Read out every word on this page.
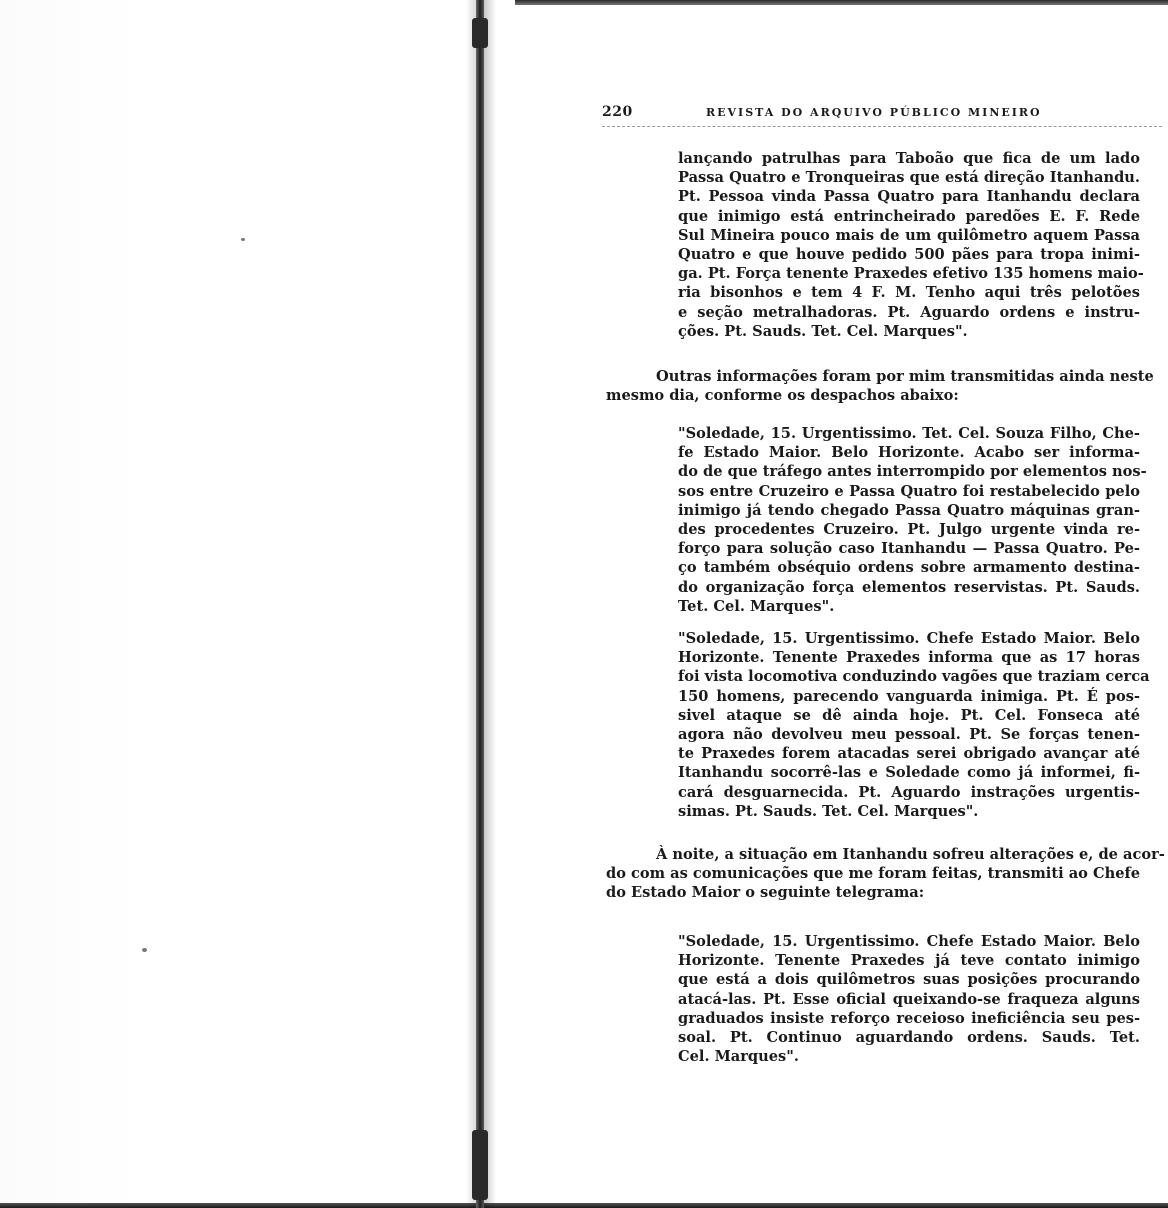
220	REVISTA DO ARQUIVO PÚBLICO MINEIRO
lançando patrulhas para Taboão que fica de um lado
Passa Quatro e Tronqueiras que está direção Itanhandu.
Pt. Pessoa vinda Passa Quatro para Itanhandu declara
que inimigo está entrincheirado paredões E. F. Rede
Sul Mineira pouco mais de um quilômetro aquem Passa
Quatro e que houve pedido 500 pães para tropa inimi-
ga. Pt. Força tenente Praxedes efetivo 135 homens maio-
ria bisonhos e tem 4 F. M. Tenho aqui três pelotões
e seção metralhadoras. Pt. Aguardo ordens e instru-
ções. Pt. Sauds. Tet. Cel. Marques".
Outras informações foram por mim transmitidas ainda neste
mesmo dia, conforme os despachos abaixo:
"Soledade, 15. Urgentissimo. Tet. Cel. Souza Filho, Che-
fe Estado Maior. Belo Horizonte. Acabo ser informa-
do de que tráfego antes interrompido por elementos nos-
sos entre Cruzeiro e Passa Quatro foi restabelecido pelo
inimigo já tendo chegado Passa Quatro máquinas gran-
des procedentes Cruzeiro. Pt. Julgo urgente vinda re-
forço para solução caso Itanhandu — Passa Quatro. Pe-
ço também obséquio ordens sobre armamento destina-
do organização força elementos reservistas. Pt. Sauds.
Tet. Cel. Marques".
"Soledade, 15. Urgentissimo. Chefe Estado Maior. Belo
Horizonte. Tenente Praxedes informa que as 17 horas
foi vista locomotiva conduzindo vagões que traziam cerca
150 homens, parecendo vanguarda inimiga. Pt. É pos-
sivel ataque se dê ainda hoje. Pt. Cel. Fonseca até
agora não devolveu meu pessoal. Pt. Se forças tenen-
te Praxedes forem atacadas serei obrigado avançar até
Itanhandu socorrê-las e Soledade como já informei, fi-
cará desguarnecida. Pt. Aguardo instrações urgentis-
simas. Pt. Sauds. Tet. Cel. Marques".
À noite, a situação em Itanhandu sofreu alterações e, de acor-
do com as comunicações que me foram feitas, transmiti ao Chefe
do Estado Maior o seguinte telegrama:
"Soledade, 15. Urgentissimo. Chefe Estado Maior. Belo
Horizonte. Tenente Praxedes já teve contato inimigo
que está a dois quilômetros suas posições procurando
atacá-las. Pt. Esse oficial queixando-se fraqueza alguns
graduados insiste reforço receioso ineficiência seu pes-
soal. Pt. Continuo aguardando ordens. Sauds. Tet.
Cel. Marques".
